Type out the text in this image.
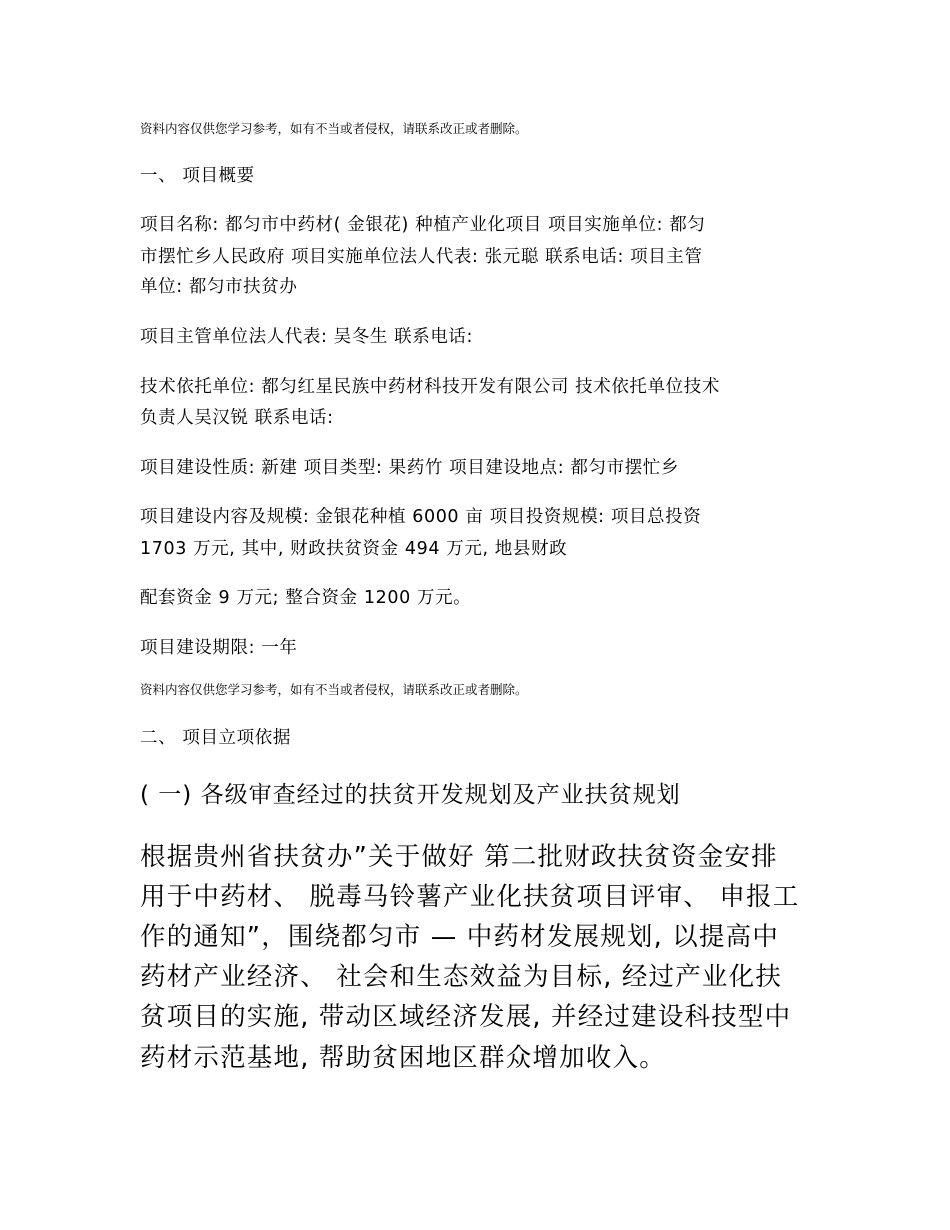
资料内容仅供您学习参考，如有不当或者侵权，请联系改正或者删除。

一、 项目概要

项目名称: 都匀市中药材( 金银花) 种植产业化项目 项目实施单位: 都匀

市摆忙乡人民政府 项目实施单位法人代表: 张元聪 联系电话: 项目主管

单位: 都匀市扶贫办

项目主管单位法人代表: 吴冬生 联系电话:

技术依托单位: 都匀红星民族中药材科技开发有限公司 技术依托单位技术

负责人吴汉锐 联系电话:

项目建设性质: 新建 项目类型: 果药竹 项目建设地点: 都匀市摆忙乡

项目建设内容及规模: 金银花种植 6000 亩 项目投资规模: 项目总投资

1703 万元, 其中, 财政扶贫资金 494 万元, 地县财政

配套资金 9 万元; 整合资金 1200 万元。

项目建设期限: 一年

资料内容仅供您学习参考，如有不当或者侵权，请联系改正或者删除。

二、 项目立项依据

( 一) 各级审查经过的扶贫开发规划及产业扶贫规划

根据贵州省扶贫办”关于做好 第二批财政扶贫资金安排

用于中药材、 脱毒马铃薯产业化扶贫项目评审、 申报工

作的通知”，围绕都匀市 — 中药材发展规划, 以提高中

药材产业经济、 社会和生态效益为目标, 经过产业化扶

贫项目的实施, 带动区域经济发展, 并经过建设科技型中

药材示范基地, 帮助贫困地区群众增加收入。
